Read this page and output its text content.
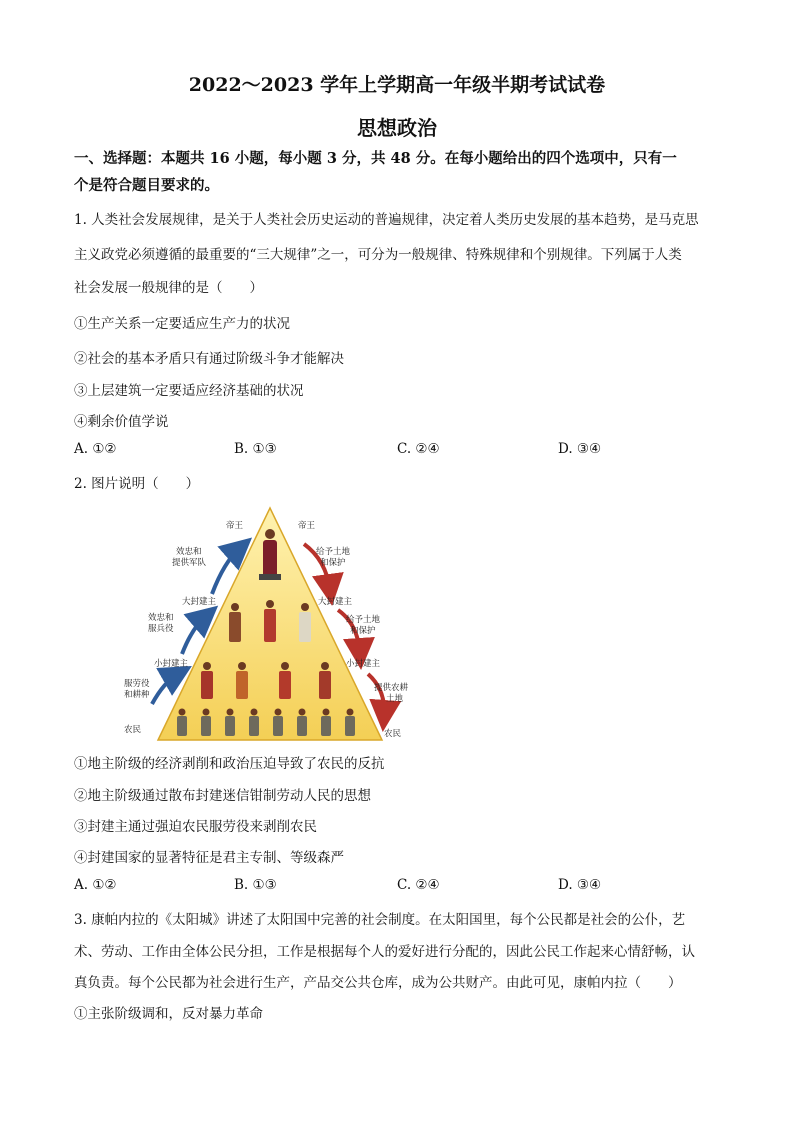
2022～2023 学年上学期高一年级半期考试试卷
思想政治
一、选择题：本题共 16 小题，每小题 3 分，共 48 分。在每小题给出的四个选项中，只有一
个是符合题目要求的。
1. 人类社会发展规律，是关于人类社会历史运动的普遍规律，决定着人类历史发展的基本趋势，是马克思
主义政党必须遵循的最重要的“三大规律”之一，可分为一般规律、特殊规律和个别规律。下列属于人类
社会发展一般规律的是（　　）
①生产关系一定要适应生产力的状况
②社会的基本矛盾只有通过阶级斗争才能解决
③上层建筑一定要适应经济基础的状况
④剩余价值学说
A. ①②	B. ①③	C. ②④	D. ③④
2. 图片说明（　　）
帝王	帝王
大封建主	大封建主
小封建主	小封建主
农民	农民
效忠和
提供军队
效忠和
服兵役
服劳役
和耕种
给予土地
和保护
给予土地
和保护
提供农耕
土地
①地主阶级的经济剥削和政治压迫导致了农民的反抗
②地主阶级通过散布封建迷信钳制劳动人民的思想
③封建主通过强迫农民服劳役来剥削农民
④封建国家的显著特征是君主专制、等级森严
A. ①②	B. ①③	C. ②④	D. ③④
3. 康帕内拉的《太阳城》讲述了太阳国中完善的社会制度。在太阳国里，每个公民都是社会的公仆，艺
术、劳动、工作由全体公民分担，工作是根据每个人的爱好进行分配的，因此公民工作起来心情舒畅，认
真负责。每个公民都为社会进行生产，产品交公共仓库，成为公共财产。由此可见，康帕内拉（　　）
①主张阶级调和，反对暴力革命
